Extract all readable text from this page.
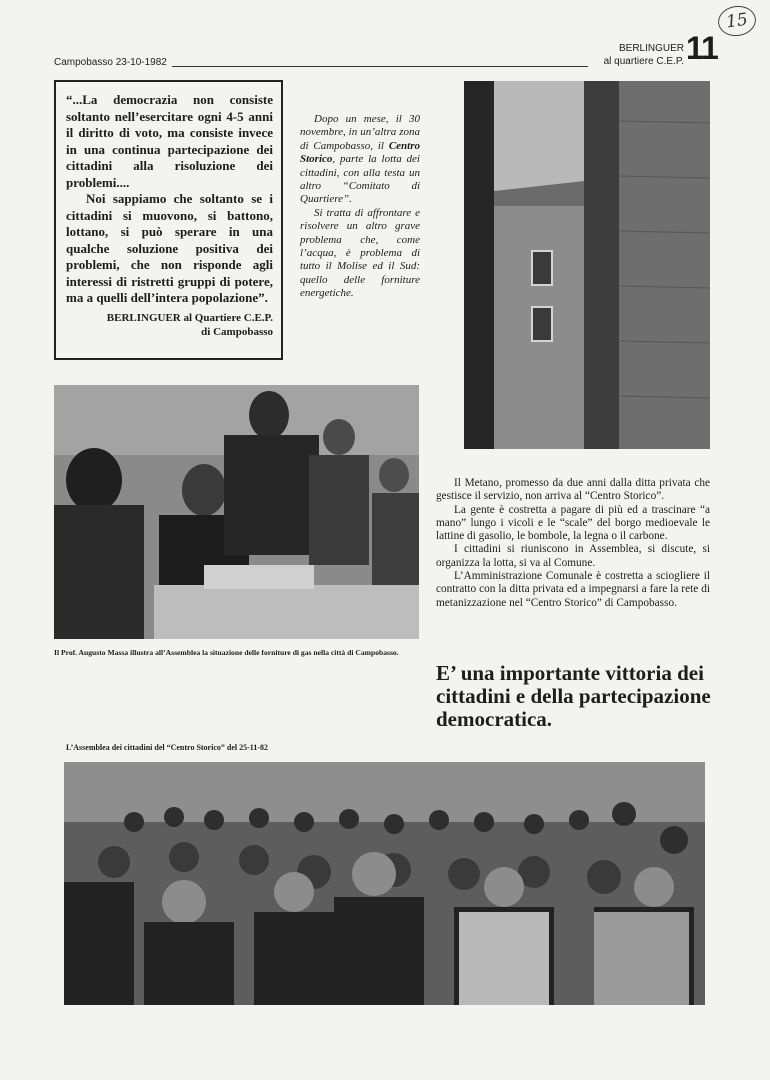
15
Campobasso 23-10-1982
BERLINGUER
al quartiere C.E.P. 11

“...La democrazia non consiste soltanto nell’esercitare ogni 4-5 anni il diritto di voto, ma consiste invece in una continua partecipazione dei cittadini alla risoluzione dei problemi....

Noi sappiamo che soltanto se i cittadini si muovono, si battono, lottano, si può sperare in una qualche soluzione positiva dei problemi, che non risponde agli interessi di ristretti gruppi di potere, ma a quelli dell’intera popolazione”.

BERLINGUER al Quartiere C.E.P.
di Campobasso

Dopo un mese, il 30 novembre, in un’altra zona di Campobasso, il Centro Storico, parte la lotta dei cittadini, con alla testa un altro “Comitato di Quartiere”.

Si tratta di affrontare e risolvere un altro grave problema che, come l’acqua, è problema di tutto il Molise ed il Sud: quello delle forniture energetiche.

Il Prof. Augusto Massa illustra all’Assemblea la situazione delle forniture di gas nella città di Campobasso.

Il Metano, promesso da due anni dalla ditta privata che gestisce il servizio, non arriva al “Centro Storico”.

La gente è costretta a pagare di più ed a trascinare “a mano” lungo i vicoli e le “scale” del borgo medioevale le lattine di gasolio, le bombole, la legna o il carbone.

I cittadini si riuniscono in Assemblea, si discute, si organizza la lotta, si va al Comune.

L’Amministrazione Comunale è costretta a sciogliere il contratto con la ditta privata ed a impegnarsi a fare la rete di metanizzazione nel “Centro Storico” di Campobasso.

E’ una importante vittoria dei cittadini e della partecipazione democratica.
L’Assemblea dei cittadini del “Centro Storico” del 25-11-82
